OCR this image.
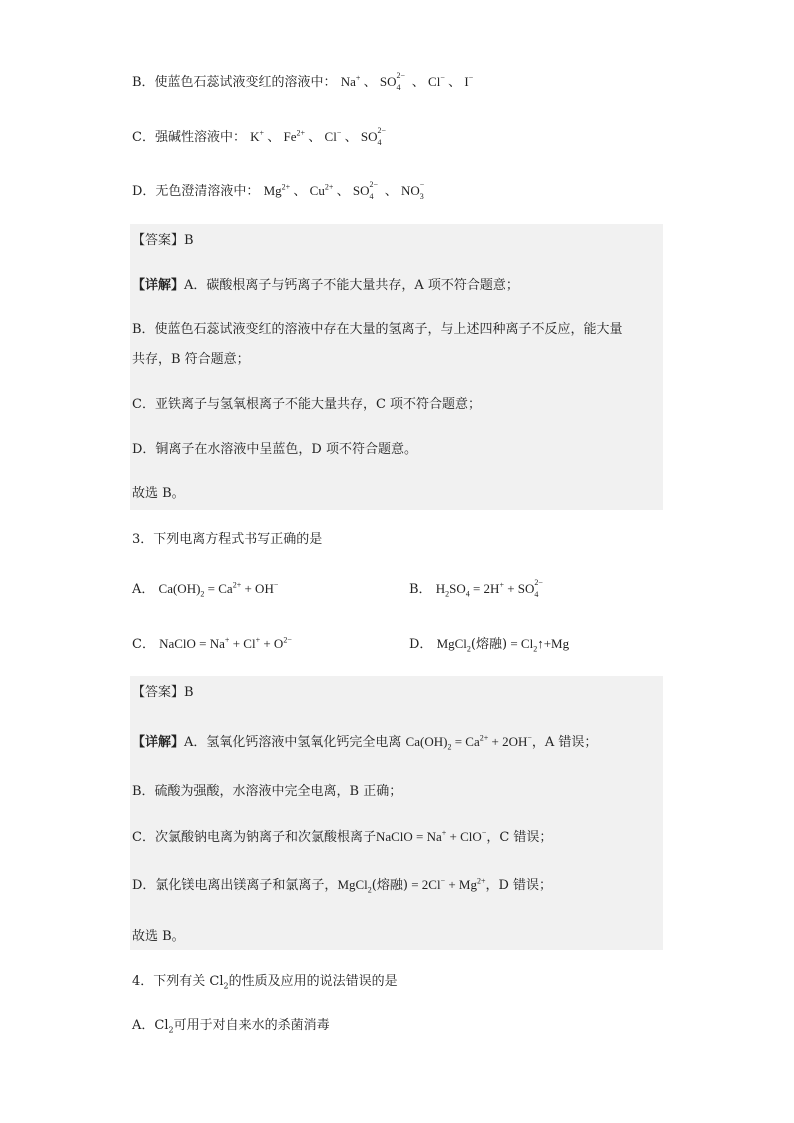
B．使蓝色石蕊试液变红的溶液中： Na+ 、 SO 2−
4 、 Cl− 、 I−
C．强碱性溶液中： K+ 、 $Fe^{2+}$ 、 Cl− 、 SO 2−
4
D．无色澄清溶液中： $Mg^{2+}$ 、 $Cu^{2+}$ 、 SO 2−
4 、 NO −
3
【答案】B
【详解】A．碳酸根离子与钙离子不能大量共存，A 项不符合题意；
B．使蓝色石蕊试液变红的溶液中存在大量的氢离子，与上述四种离子不反应，能大量
共存，B 符合题意；
C．亚铁离子与氢氧根离子不能大量共存，C 项不符合题意；
D．铜离子在水溶液中呈蓝色，D 项不符合题意。
故选 B。
3．下列电离方程式书写正确的是
A． $Ca(OH)_2 = Ca^{2+} + OH^-$	B． $H_2SO_4 = 2H^+$ + SO 2−
4
C． NaClO = $Na^+ + Cl^+ + O^{2-}$	D． MgCl$_2$(熔融) = $Cl_2↑+Mg$
【答案】B
【详解】A．氢氧化钙溶液中氢氧化钙完全电离 $Ca(OH)_2 = Ca^{2+} + 2OH^-$，A 错误；
B．硫酸为强酸，水溶液中完全电离，B 正确；
C．次氯酸钠电离为钠离子和次氯酸根离子NaClO = Na+ + ClO−，C 错误；
D．氯化镁电离出镁离子和氯离子，MgCl$_2$(熔融) = $2Cl^- + Mg^{2+}$，D 错误；
故选 B。
4．下列有关 $Cl_2$的性质及应用的说法错误的是
A．$Cl_2$可用于对自来水的杀菌消毒
